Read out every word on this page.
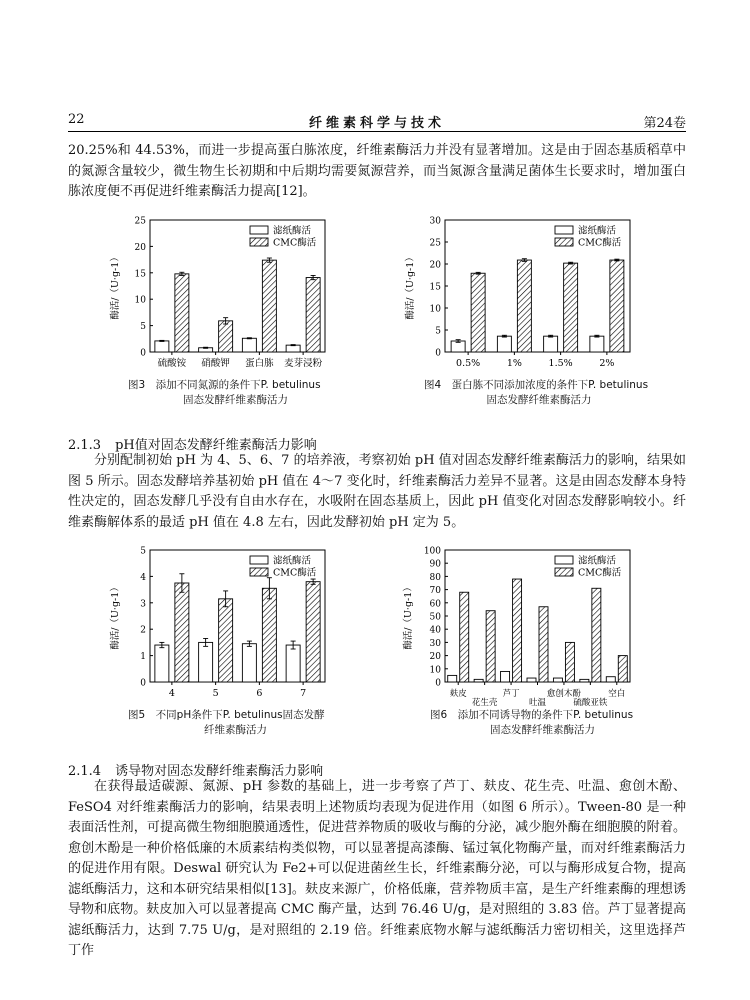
22	纤维素科学与技术	第24卷

20.25%和 44.53%，而进一步提高蛋白胨浓度，纤维素酶活力并没有显著增加。这是由于固态基质稻草中的氮源含量较少，微生物生长初期和中后期均需要氮源营养，而当氮源含量满足菌体生长要求时，增加蛋白胨浓度便不再促进纤维素酶活力提高[12]。

0
5
10
15
20
25
酶活/（U·g-1）
硫酸铵 硝酸钾 蛋白胨 麦芽浸粉
滤纸酶活
CMC酶活
图3　添加不同氮源的条件下P. betulinus
固态发酵纤维素酶活力
0
5
10
15
20
25
30
酶活/（U·g-1）
0.5%	1%	1.5%	2%
滤纸酶活
CMC酶活
图4　蛋白胨不同添加浓度的条件下P. betulinus
固态发酵纤维素酶活力
2.1.3 pH值对固态发酵纤维素酶活力影响

分别配制初始 pH 为 4、5、6、7 的培养液，考察初始 pH 值对固态发酵纤维素酶活力的影响，结果如图 5 所示。固态发酵培养基初始 pH 值在 4～7 变化时，纤维素酶活力差异不显著。这是由固态发酵本身特性决定的，固态发酵几乎没有自由水存在，水吸附在固态基质上，因此 pH 值变化对固态发酵影响较小。纤维素酶解体系的最适 pH 值在 4.8 左右，因此发酵初始 pH 定为 5。

0
1
2
3
4
5
酶活/（U·g-1）
4	5	6	7
滤纸酶活
CMC酶活
图5　不同pH条件下P. betulinus固态发酵
纤维素酶活力
0
10
20
30
40
50
60
70
80
90
100
酶活/（U·g-1）
麸皮
花生壳
芦丁
吐温
愈创木酚
硫酸亚铁
空白
滤纸酶活
CMC酶活
图6　添加不同诱导物的条件下P. betulinus
固态发酵纤维素酶活力
2.1.4 诱导物对固态发酵纤维素酶活力影响

在获得最适碳源、氮源、pH 参数的基础上，进一步考察了芦丁、麸皮、花生壳、吐温、愈创木酚、FeSO4 对纤维素酶活力的影响，结果表明上述物质均表现为促进作用（如图 6 所示）。Tween-80 是一种表面活性剂，可提高微生物细胞膜通透性，促进营养物质的吸收与酶的分泌，减少胞外酶在细胞膜的附着。愈创木酚是一种价格低廉的木质素结构类似物，可以显著提高漆酶、锰过氧化物酶产量，而对纤维素酶活力的促进作用有限。Deswal 研究认为 Fe2+可以促进菌丝生长，纤维素酶分泌，可以与酶形成复合物，提高滤纸酶活力，这和本研究结果相似[13]。麸皮来源广，价格低廉，营养物质丰富，是生产纤维素酶的理想诱导物和底物。麸皮加入可以显著提高 CMC 酶产量，达到 76.46 U/g，是对照组的 3.83 倍。芦丁显著提高滤纸酶活力，达到 7.75 U/g，是对照组的 2.19 倍。纤维素底物水解与滤纸酶活力密切相关，这里选择芦丁作
